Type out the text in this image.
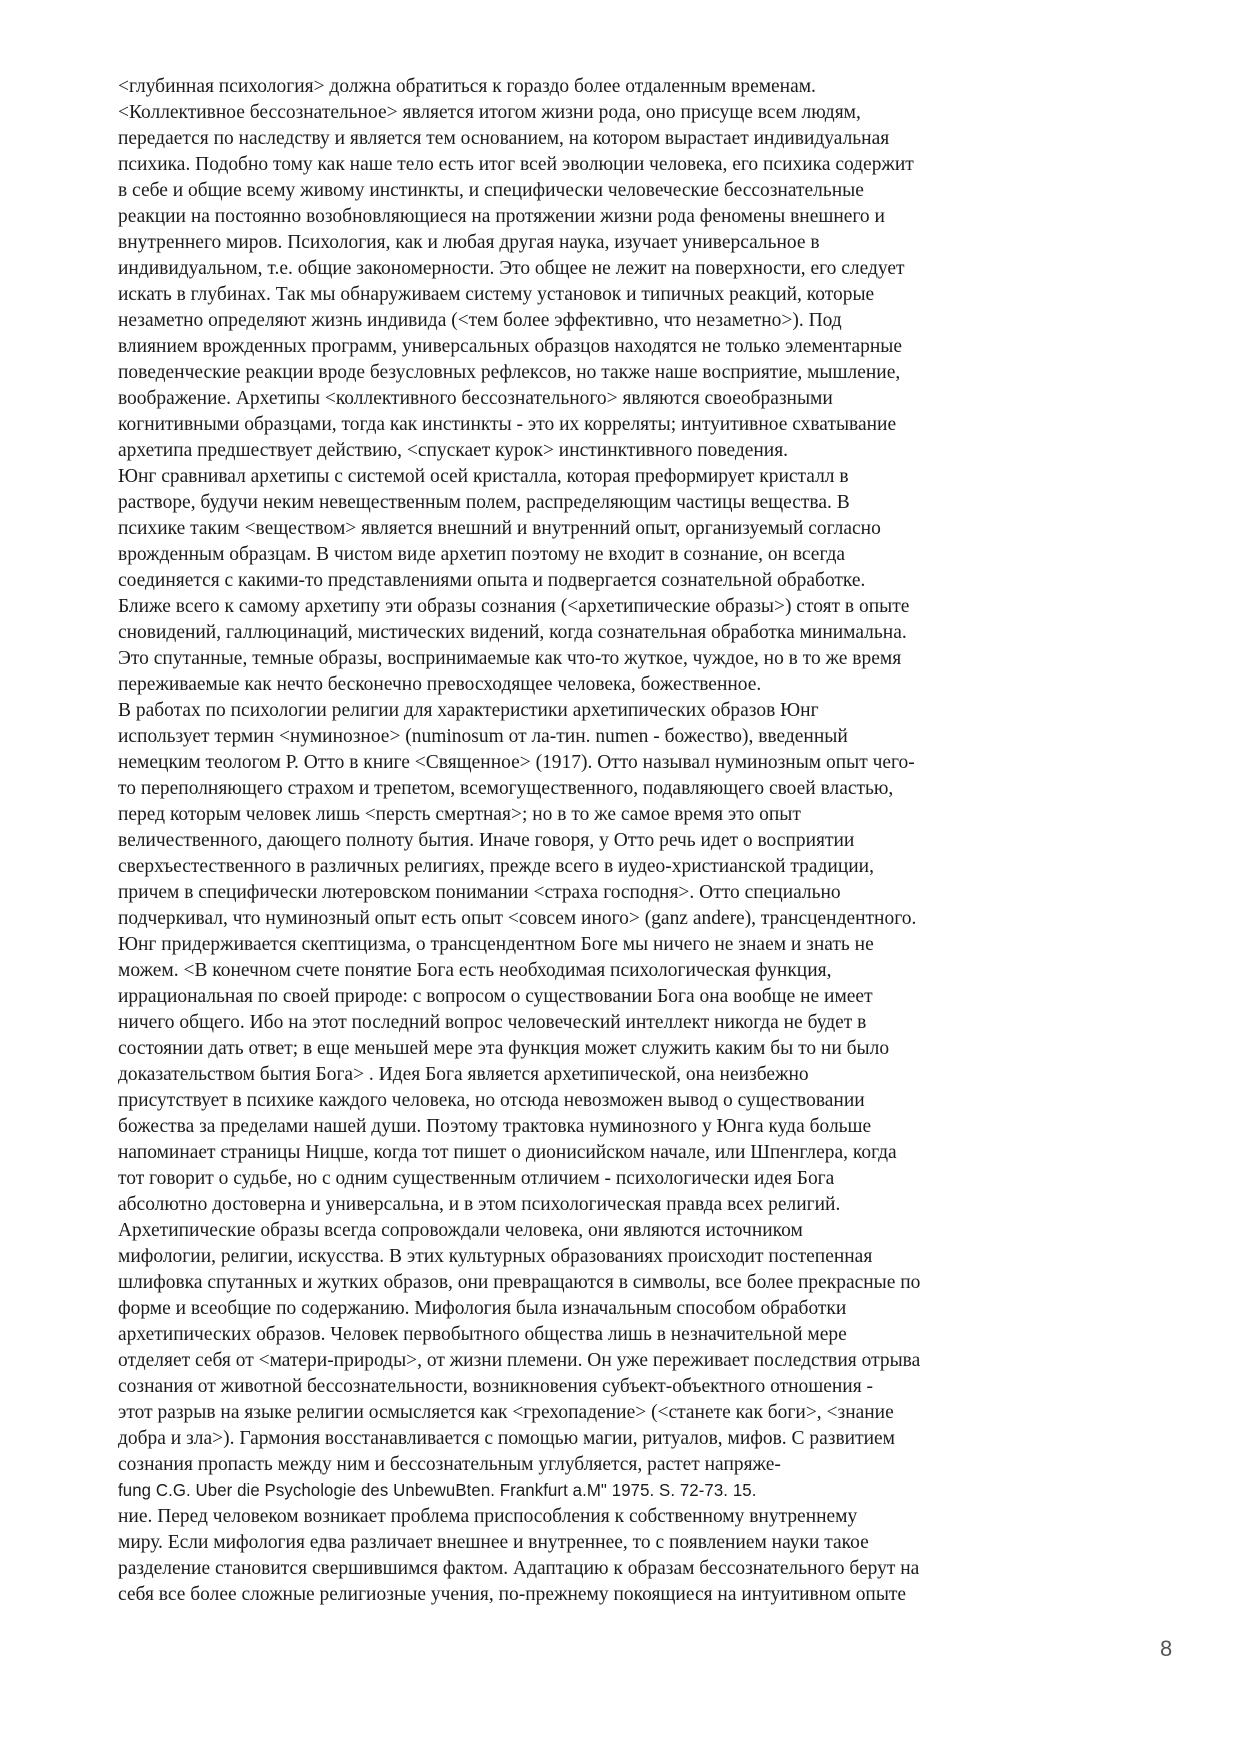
<глубинная психология> должна обратиться к гораздо более отдаленным временам.<Коллективное бессознательное> является итогом жизни рода, оно присуще всем людям,передается по наследству и является тем основанием, на котором вырастает индивидуальнаяпсихика. Подобно тому как наше тело есть итог всей эволюции человека, его психика содержитв себе и общие всему живому инстинкты, и специфически человеческие бессознательныереакции на постоянно возобновляющиеся на протяжении жизни рода феномены внешнего ивнутреннего миров. Психология, как и любая другая наука, изучает универсальное виндивидуальном, т.е. общие закономерности. Это общее не лежит на поверхности, его следуетискать в глубинах. Так мы обнаруживаем систему установок и типичных реакций, которыенезаметно определяют жизнь индивида (<тем более эффективно, что незаметно>). Подвлиянием врожденных программ, универсальных образцов находятся не только элементарныеповеденческие реакции вроде безусловных рефлексов, но также наше восприятие, мышление,воображение. Архетипы <коллективного бессознательного> являются своеобразнымикогнитивными образцами, тогда как инстинкты - это их корреляты; интуитивное схватываниеархетипа предшествует действию, <спускает курок> инстинктивного поведения.Юнг сравнивал архетипы с системой осей кристалла, которая преформирует кристалл врастворе, будучи неким невещественным полем, распределяющим частицы вещества. Впсихике таким <веществом> является внешний и внутренний опыт, организуемый согласноврожденным образцам. В чистом виде архетип поэтому не входит в сознание, он всегдасоединяется с какими-то представлениями опыта и подвергается сознательной обработке.Ближе всего к самому архетипу эти образы сознания (<архетипические образы>) стоят в опытесновидений, галлюцинаций, мистических видений, когда сознательная обработка минимальна.Это спутанные, темные образы, воспринимаемые как что-то жуткое, чуждое, но в то же времяпереживаемые как нечто бесконечно превосходящее человека, божественное.В работах по психологии религии для характеристики архетипических образов Юнгиспользует термин <нуминозное> (numinosum от ла-тин. numen - божество), введенныйнемецким теологом Р. Отто в книге <Священное> (1917). Отто называл нуминозным опыт чего-то переполняющего страхом и трепетом, всемогущественного, подавляющего своей властью,перед которым человек лишь <персть смертная>; но в то же самое время это опытвеличественного, дающего полноту бытия. Иначе говоря, у Отто речь идет о восприятиисверхъестественного в различных религиях, прежде всего в иудео-христианской традиции,причем в специфически лютеровском понимании <страха господня>. Отто специальноподчеркивал, что нуминозный опыт есть опыт <совсем иного> (ganz andere), трансцендентного.Юнг придерживается скептицизма, о трансцендентном Боге мы ничего не знаем и знать неможем. <В конечном счете понятие Бога есть необходимая психологическая функция,иррациональная по своей природе: с вопросом о существовании Бога она вообще не имеетничего общего. Ибо на этот последний вопрос человеческий интеллект никогда не будет всостоянии дать ответ; в еще меньшей мере эта функция может служить каким бы то ни былодоказательством бытия Бога> . Идея Бога является архетипической, она неизбежноприсутствует в психике каждого человека, но отсюда невозможен вывод о существованиибожества за пределами нашей души. Поэтому трактовка нуминозного у Юнга куда большенапоминает страницы Ницше, когда тот пишет о дионисийском начале, или Шпенглера, когдатот говорит о судьбе, но с одним существенным отличием - психологически идея Богаабсолютно достоверна и универсальна, и в этом психологическая правда всех религий.Архетипические образы всегда сопровождали человека, они являются источникоммифологии, религии, искусства. В этих культурных образованиях происходит постепеннаяшлифовка спутанных и жутких образов, они превращаются в символы, все более прекрасные поформе и всеобщие по содержанию. Мифология была изначальным способом обработкиархетипических образов. Человек первобытного общества лишь в незначительной мереотделяет себя от <матери-природы>, от жизни племени. Он уже переживает последствия отрывасознания от животной бессознательности, возникновения субъект-объектного отношения -этот разрыв на языке религии осмысляется как <грехопадение> (<станете как боги>, <знаниедобра и зла>). Гармония восстанавливается с помощью магии, ритуалов, мифов. С развитиемсознания пропасть между ним и бессознательным углубляется, растет напряже-fung C.G. Uber die Psychologie des UnbewuBten. Frankfurt a.M" 1975. S. 72-73. 15.ние. Перед человеком возникает проблема приспособления к собственному внутреннемумиру. Если мифология едва различает внешнее и внутреннее, то с появлением науки такоеразделение становится свершившимся фактом. Адаптацию к образам бессознательного берут насебя все более сложные религиозные учения, по-прежнему покоящиеся на интуитивном опыте
8
